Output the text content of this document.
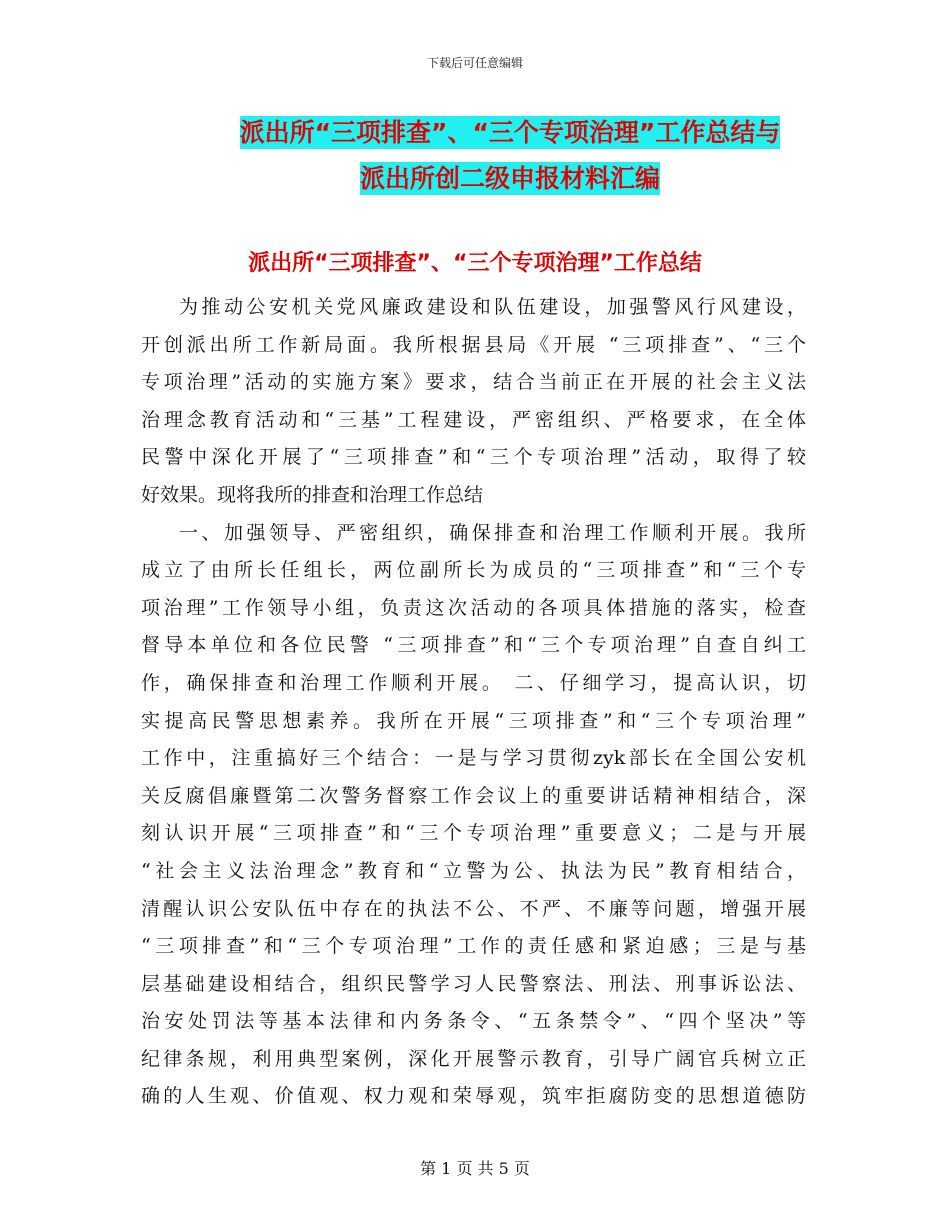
下载后可任意编辑
派出所“三项排查”、“三个专项治理”工作总结与
派出所创二级申报材料汇编
派出所“三项排查”、“三个专项治理”工作总结
为推动公安机关党风廉政建设和队伍建设，加强警风行风建设，
开创派出所工作新局面。我所根据县局《开展 “三项排查”、“三个
专项治理”活动的实施方案》要求，结合当前正在开展的社会主义法
治理念教育活动和“三基”工程建设，严密组织、严格要求，在全体
民警中深化开展了“三项排查”和“三个专项治理”活动，取得了较
好效果。现将我所的排查和治理工作总结
一、加强领导、严密组织，确保排查和治理工作顺利开展。我所
成立了由所长任组长，两位副所长为成员的“三项排查”和“三个专
项治理”工作领导小组，负责这次活动的各项具体措施的落实，检查
督导本单位和各位民警 “三项排查”和“三个专项治理”自查自纠工
作，确保排查和治理工作顺利开展。 二、仔细学习，提高认识，切
实提高民警思想素养。我所在开展“三项排查”和“三个专项治理”
工作中，注重搞好三个结合：一是与学习贯彻zyk部长在全国公安机
关反腐倡廉暨第二次警务督察工作会议上的重要讲话精神相结合，深
刻认识开展“三项排查”和“三个专项治理”重要意义；二是与开展
“社会主义法治理念”教育和“立警为公、执法为民”教育相结合，
清醒认识公安队伍中存在的执法不公、不严、不廉等问题，增强开展
“三项排查”和“三个专项治理”工作的责任感和紧迫感；三是与基
层基础建设相结合，组织民警学习人民警察法、刑法、刑事诉讼法、
治安处罚法等基本法律和内务条令、“五条禁令”、“四个坚决”等
纪律条规，利用典型案例，深化开展警示教育，引导广阔官兵树立正
确的人生观、价值观、权力观和荣辱观，筑牢拒腐防变的思想道德防
第 1 页 共 5 页
